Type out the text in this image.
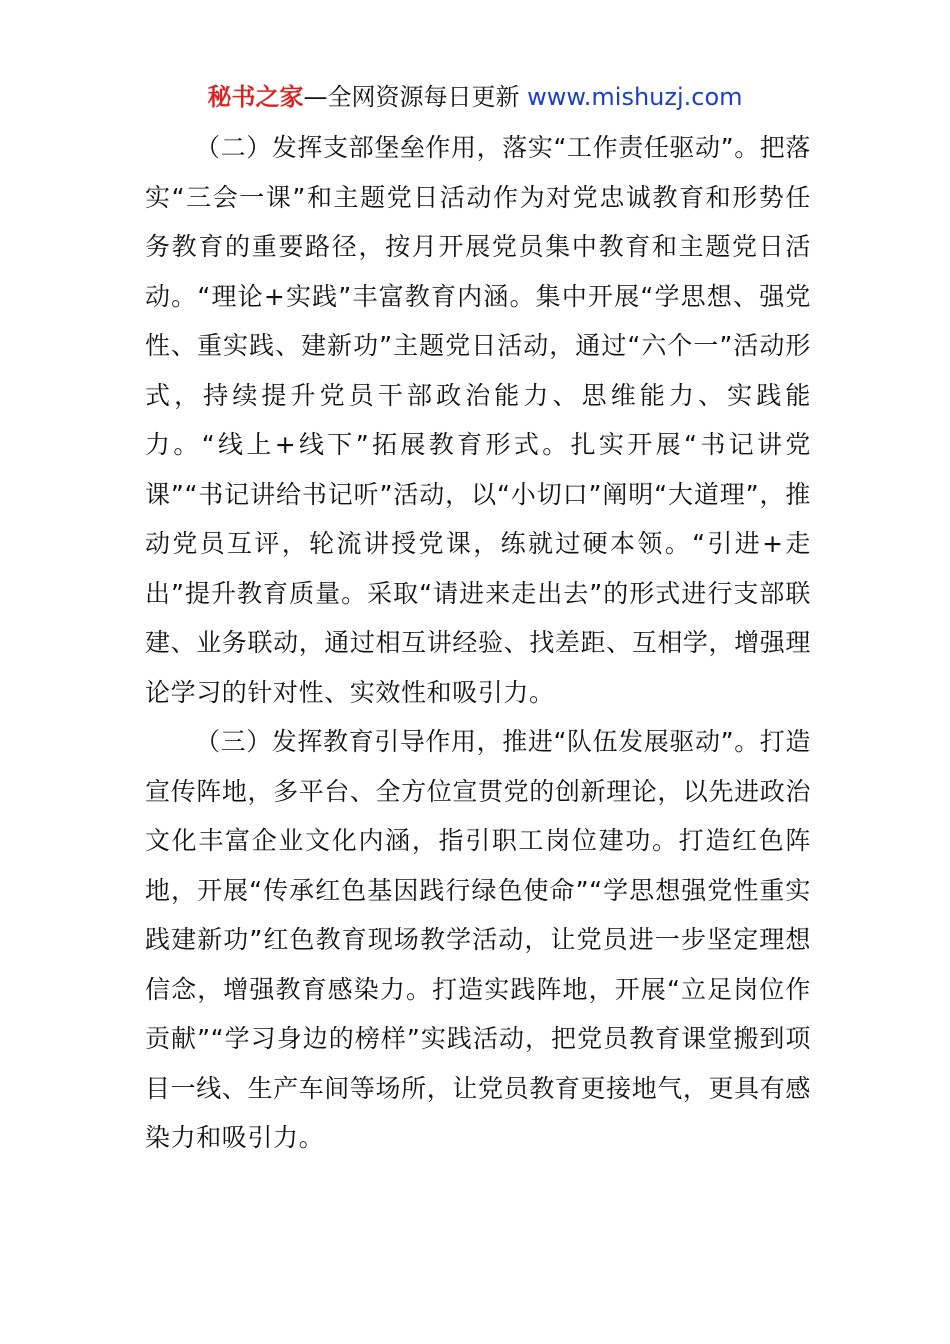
秘书之家—全网资源每日更新 www.mishuzj.com

（二）发挥支部堡垒作用，落实“工作责任驱动”。把落实“三会一课”和主题党日活动作为对党忠诚教育和形势任务教育的重要路径，按月开展党员集中教育和主题党日活动。“理论+实践”丰富教育内涵。集中开展“学思想、强党性、重实践、建新功”主题党日活动，通过“六个一”活动形式，持续提升党员干部政治能力、思维能力、实践能力。“线上+线下”拓展教育形式。扎实开展“书记讲党课”“书记讲给书记听”活动，以“小切口”阐明“大道理”，推动党员互评，轮流讲授党课，练就过硬本领。“引进+走出”提升教育质量。采取“请进来走出去”的形式进行支部联建、业务联动，通过相互讲经验、找差距、互相学，增强理论学习的针对性、实效性和吸引力。

（三）发挥教育引导作用，推进“队伍发展驱动”。打造宣传阵地，多平台、全方位宣贯党的创新理论，以先进政治文化丰富企业文化内涵，指引职工岗位建功。打造红色阵地，开展“传承红色基因践行绿色使命”“学思想强党性重实践建新功”红色教育现场教学活动，让党员进一步坚定理想信念，增强教育感染力。打造实践阵地，开展“立足岗位作贡献”“学习身边的榜样”实践活动，把党员教育课堂搬到项目一线、生产车间等场所，让党员教育更接地气，更具有感染力和吸引力。
